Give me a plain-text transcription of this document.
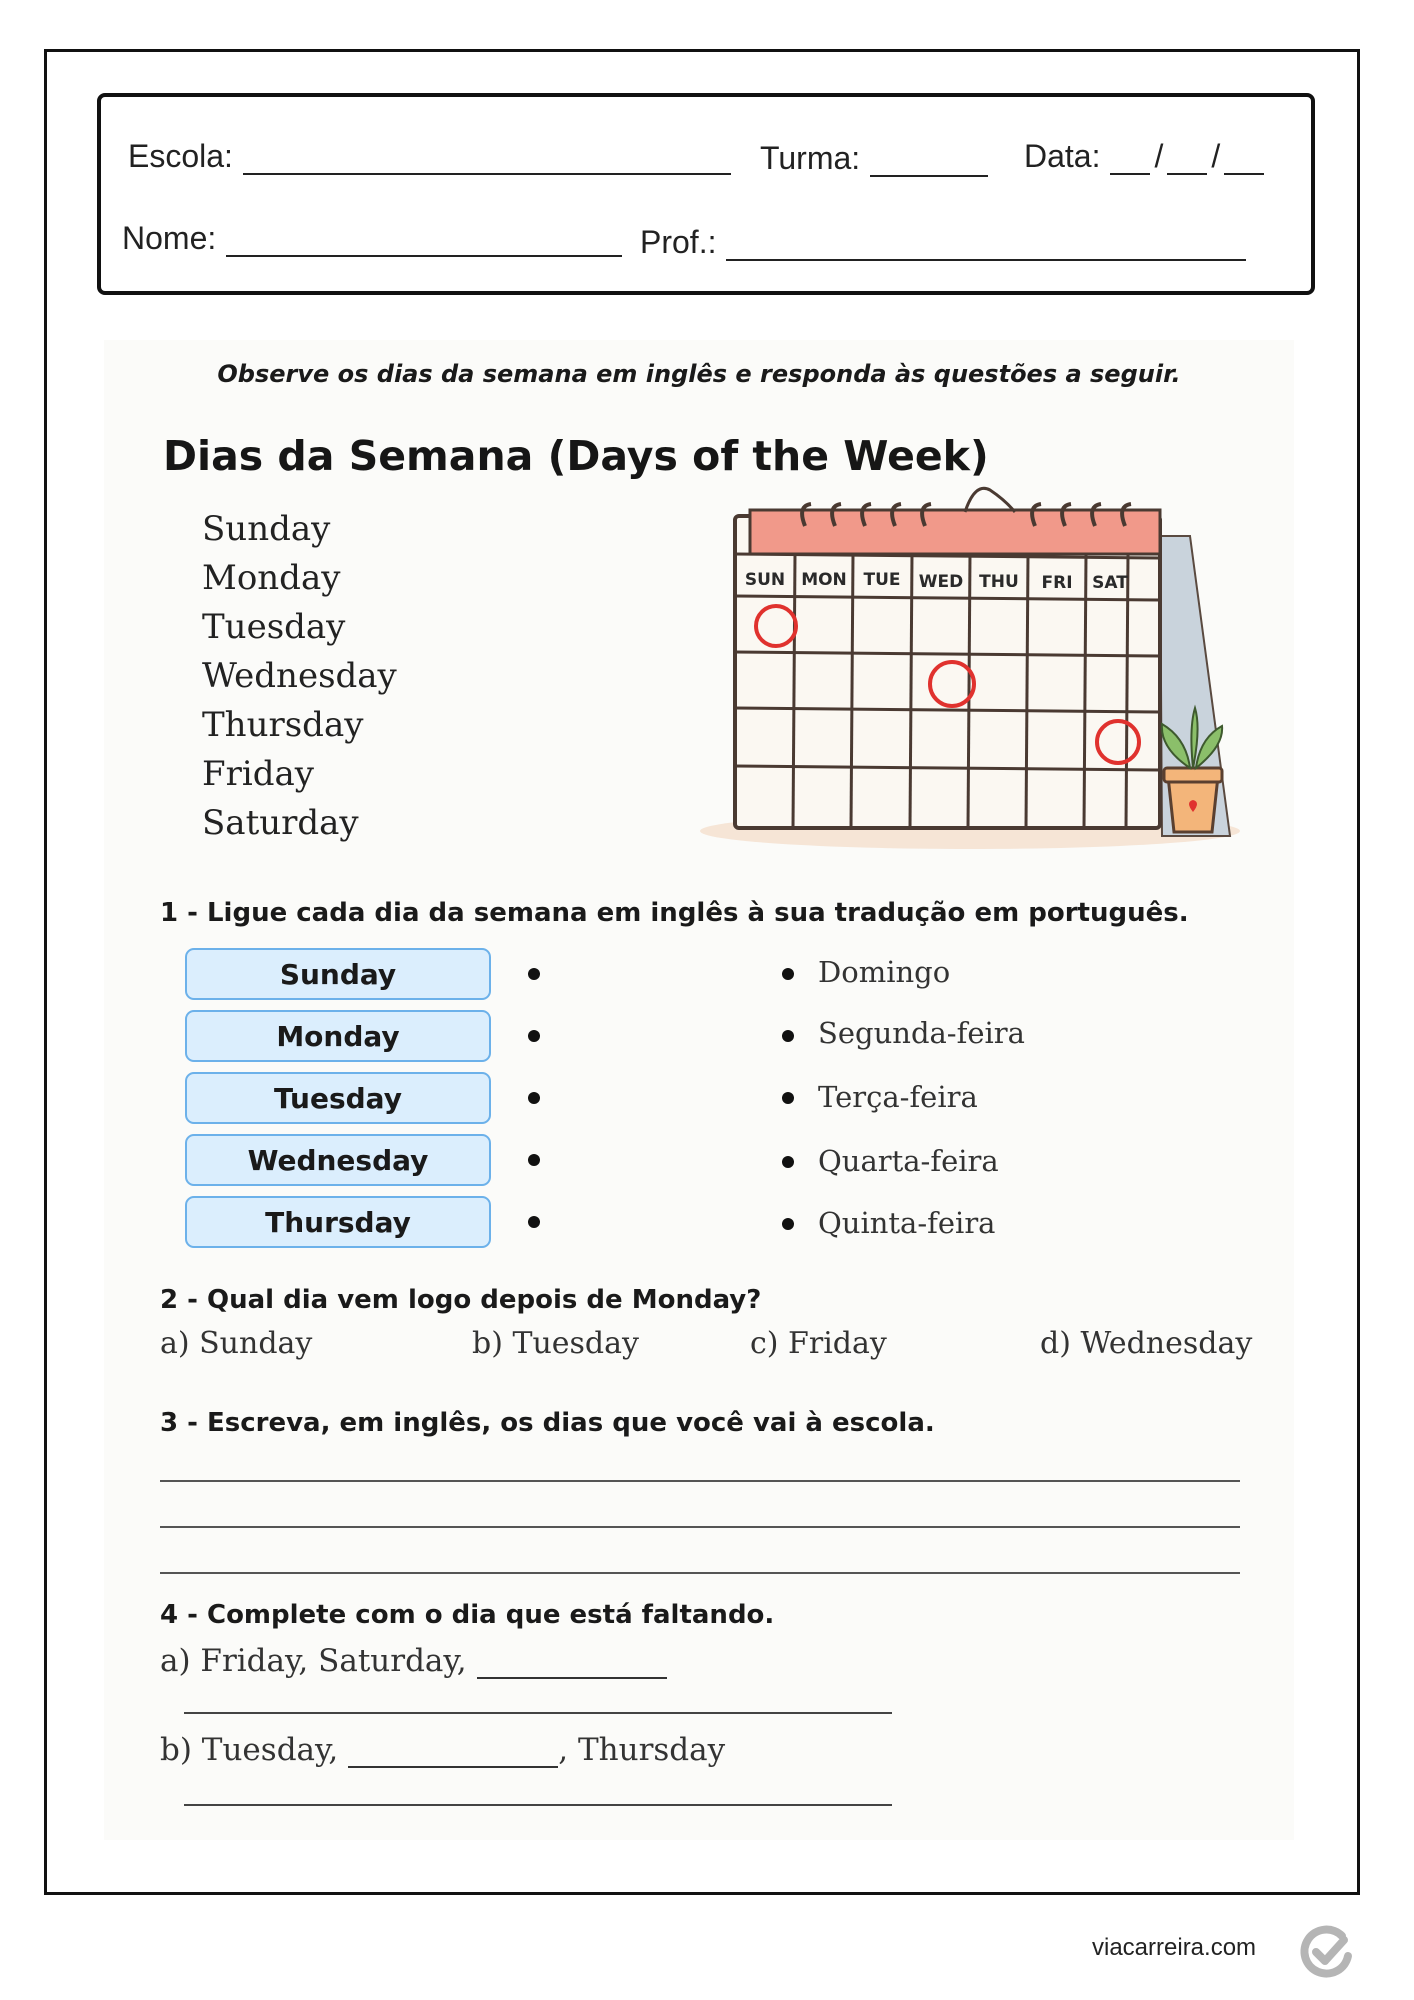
Escola:	Turma:	Data: / /
Nome:	Prof.:
Observe os dias da semana em inglês e responda às questões a seguir.
Dias da Semana (Days of the Week)
Sunday
Monday
Tuesday
Wednesday
Thursday
Friday
Saturday
SUN MON TUE WED THU FRI SAT
1 - Ligue cada dia da semana em inglês à sua tradução em português.
Sunday
Monday
Tuesday
Wednesday
Thursday
Domingo
Segunda-feira
Terça-feira
Quarta-feira
Quinta-feira
2 - Qual dia vem logo depois de Monday?
a) Sunday	b) Tuesday	c) Friday	d) Wednesday
3 - Escreva, em inglês, os dias que você vai à escola.
4 - Complete com o dia que está faltando.
a) Friday, Saturday,
b) Tuesday,	, Thursday
viacarreira.com
